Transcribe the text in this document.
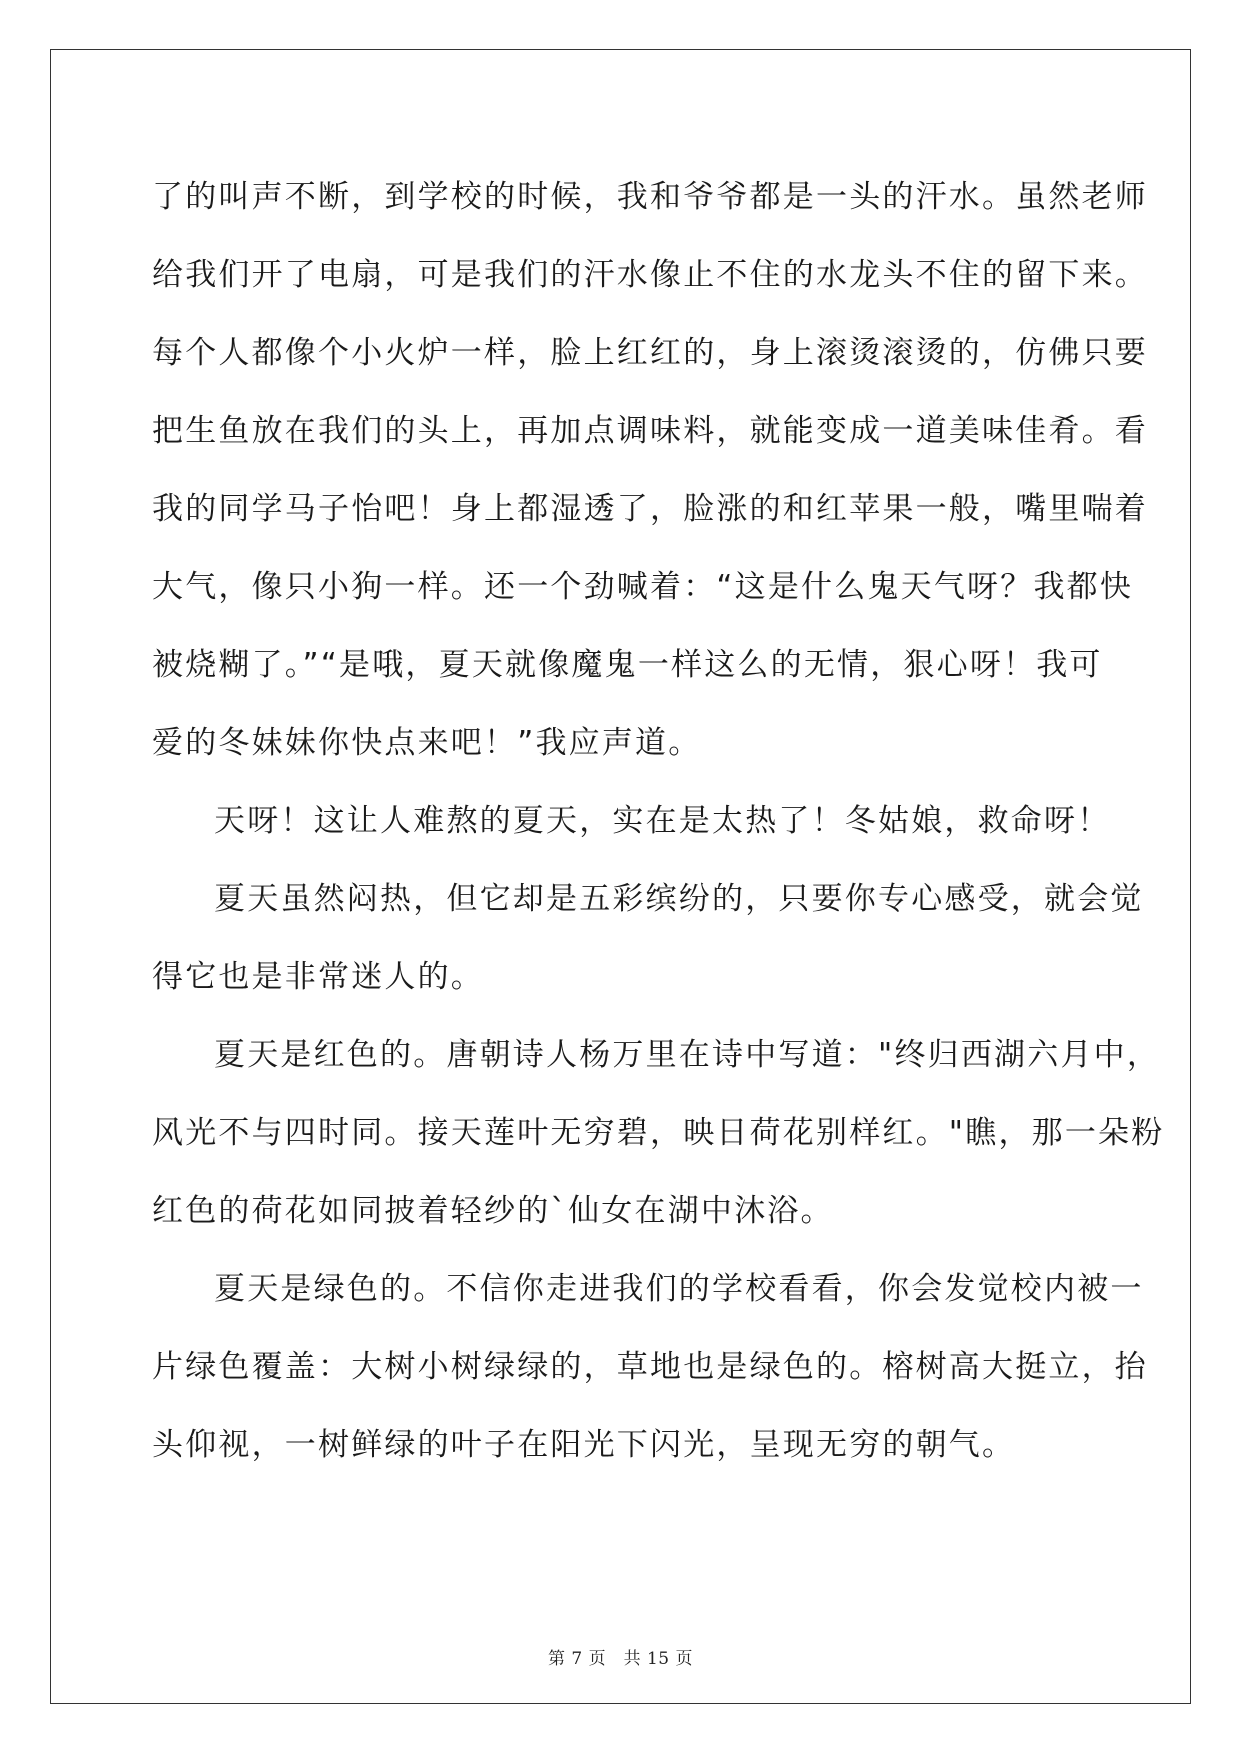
了的叫声不断，到学校的时候，我和爷爷都是一头的汗水。虽然老师
给我们开了电扇，可是我们的汗水像止不住的水龙头不住的留下来。
每个人都像个小火炉一样，脸上红红的，身上滚烫滚烫的，仿佛只要
把生鱼放在我们的头上，再加点调味料，就能变成一道美味佳肴。看
我的同学马子怡吧！身上都湿透了，脸涨的和红苹果一般，嘴里喘着
大气，像只小狗一样。还一个劲喊着：“这是什么鬼天气呀？我都快
被烧糊了。”“是哦，夏天就像魔鬼一样这么的无情，狠心呀！我可
爱的冬妹妹你快点来吧！”我应声道。
天呀！这让人难熬的夏天，实在是太热了！冬姑娘，救命呀！
夏天虽然闷热，但它却是五彩缤纷的，只要你专心感受，就会觉
得它也是非常迷人的。
夏天是红色的。唐朝诗人杨万里在诗中写道："终归西湖六月中，
风光不与四时同。接天莲叶无穷碧，映日荷花别样红。"瞧，那一朵粉
红色的荷花如同披着轻纱的`仙女在湖中沐浴。
夏天是绿色的。不信你走进我们的学校看看，你会发觉校内被一
片绿色覆盖：大树小树绿绿的，草地也是绿色的。榕树高大挺立，抬
头仰视，一树鲜绿的叶子在阳光下闪光，呈现无穷的朝气。
第 7 页　共 15 页
